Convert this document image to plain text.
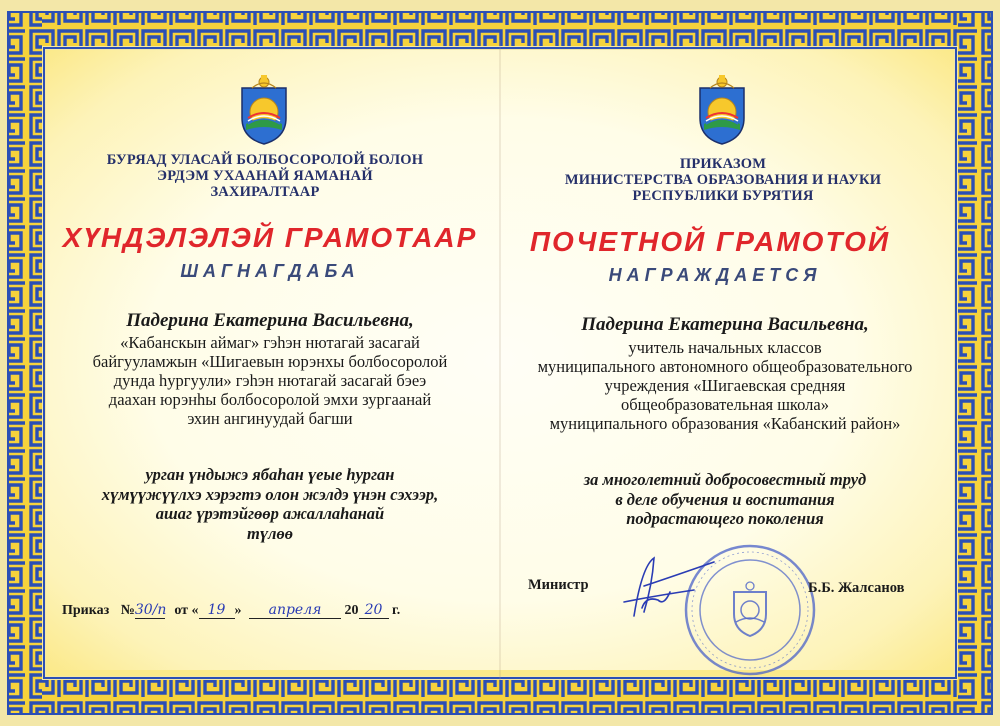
БУРЯАД УЛАСАЙ БОЛБОСОРОЛОЙ БОЛОН
ЭРДЭМ УХААНАЙ ЯАМАНАЙ
ЗАХИРАЛТААР
ПРИКАЗОМ
МИНИСТЕРСТВА ОБРАЗОВАНИЯ И НАУКИ
РЕСПУБЛИКИ БУРЯТИЯ
ХҮНДЭЛЭЛЭЙ ГРАМОТААР
ШАГНАГДАБА
ПОЧЕТНОЙ ГРАМОТОЙ
НАГРАЖДАЕТСЯ
Падерина Екатерина Васильевна,	Падерина Екатерина Васильевна,
«Кабанскын аймаг» гэһэн нютагай засагай
байгууламжын «Шигаевын юрэнхы болбосоролой
дунда һургуули» гэһэн нютагай засагай бэеэ
даахан юрэнһы болбосоролой эмхи зургаанай
эхин ангинуудай багши
учитель начальных классов
муниципального автономного общеобразовательного
учреждения «Шигаевская средняя
общеобразовательная школа»
муниципального образования «Кабанский район»
урган үндыжэ ябаһан үеые һурган
хүмүүжүүлхэ хэрэгтэ олон жэлдэ үнэн сэхээр,
ашаг үрэтэйгөөр ажаллаһанай
түлөө
за многолетний добросовестный труд
в деле обучения и воспитания
подрастающего поколения
Приказ №30/п от « 19 » апреля 20 20 г.
Министр	Б.Б. Жалсанов
